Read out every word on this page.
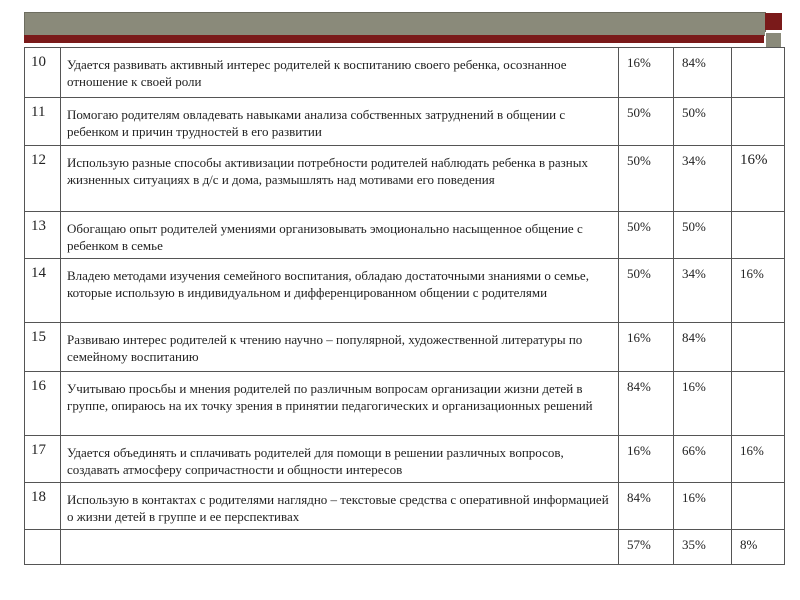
10	Удается развивать активный интерес родителей к воспитанию своего ребенка, осознанное отношение к своей роли	16%	84%	
11	Помогаю родителям овладевать навыками анализа собственных затруднений в общении с ребенком и причин трудностей в его развитии	50%	50%	
12	Использую разные способы активизации потребности родителей наблюдать ребенка в разных жизненных ситуациях в д/с и дома, размышлять над мотивами его поведения	50%	34%	16%
13	Обогащаю опыт родителей умениями организовывать эмоционально насыщенное общение с ребенком в семье	50%	50%	
14	Владею методами изучения семейного воспитания, обладаю достаточными знаниями о семье, которые использую в индивидуальном и дифференцированном общении с родителями	50%	34%	16%
15	Развиваю интерес родителей к чтению научно – популярной, художественной литературы по семейному воспитанию	16%	84%	
16	Учитываю просьбы и мнения родителей по различным вопросам организации жизни детей в группе, опираюсь на их точку зрения в принятии педагогических и организационных решений	84%	16%	
17	Удается объединять и сплачивать родителей для помощи в решении различных вопросов, создавать атмосферу сопричастности и общности интересов	16%	66%	16%
18	Использую в контактах с родителями наглядно – текстовые средства с оперативной информацией о жизни детей в группе и ее перспективах	84%	16%	
		57%	35%	8%
